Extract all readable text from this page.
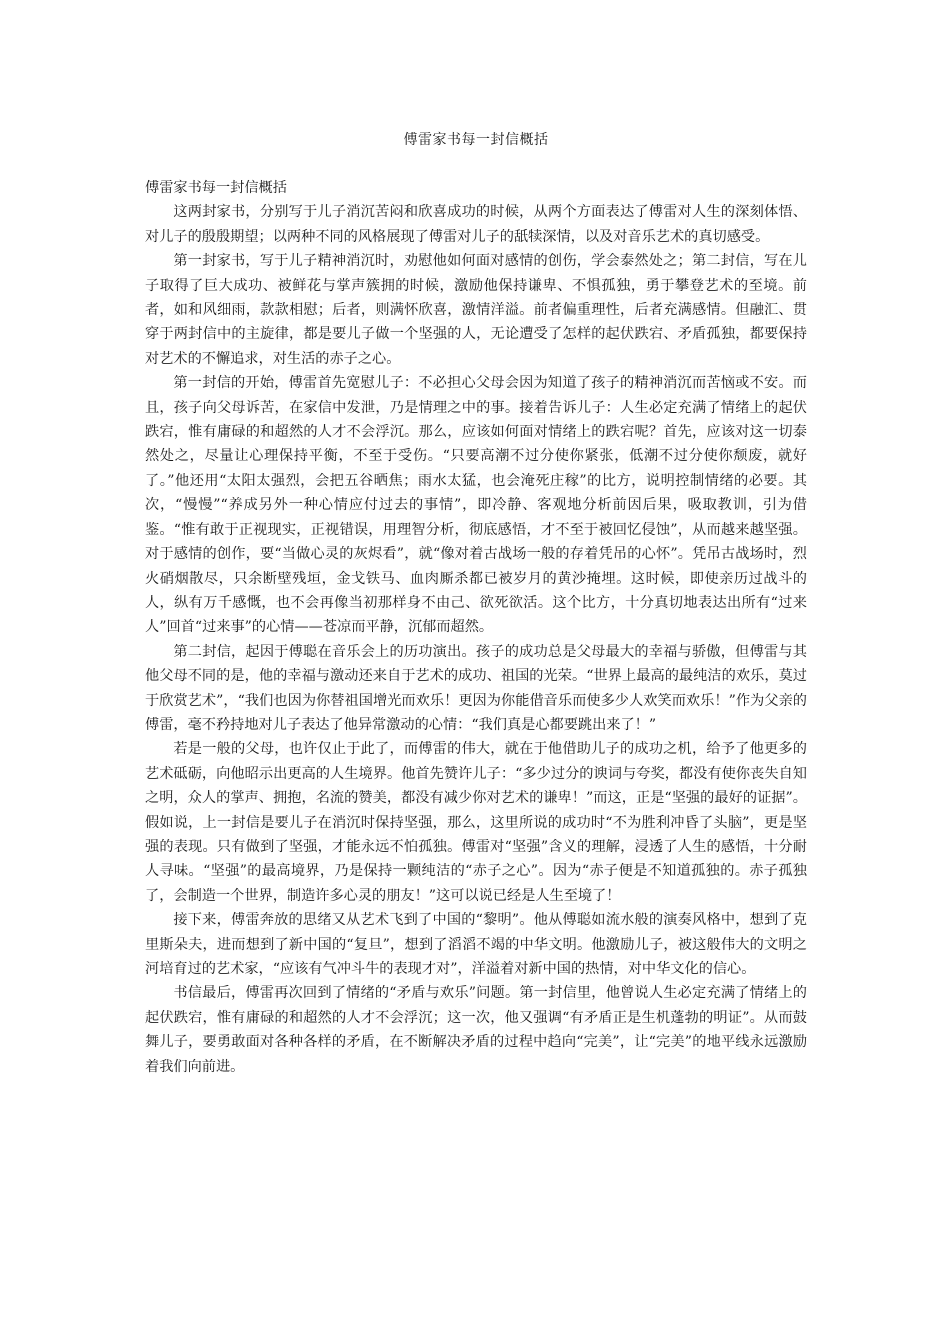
傅雷家书每一封信概括

傅雷家书每一封信概括

这两封家书，分别写于儿子消沉苦闷和欣喜成功的时候，从两个方面表达了傅雷对人生的深刻体悟、对儿子的殷殷期望；以两种不同的风格展现了傅雷对儿子的舐犊深情，以及对音乐艺术的真切感受。

第一封家书，写于儿子精神消沉时，劝慰他如何面对感情的创伤，学会泰然处之；第二封信，写在儿子取得了巨大成功、被鲜花与掌声簇拥的时候，激励他保持谦卑、不惧孤独，勇于攀登艺术的至境。前者，如和风细雨，款款相慰；后者，则满怀欣喜，激情洋溢。前者偏重理性，后者充满感情。但融汇、贯穿于两封信中的主旋律，都是要儿子做一个坚强的人，无论遭受了怎样的起伏跌宕、矛盾孤独，都要保持对艺术的不懈追求，对生活的赤子之心。

第一封信的开始，傅雷首先宽慰儿子：不必担心父母会因为知道了孩子的精神消沉而苦恼或不安。而且，孩子向父母诉苦，在家信中发泄，乃是情理之中的事。接着告诉儿子：人生必定充满了情绪上的起伏跌宕，惟有庸碌的和超然的人才不会浮沉。那么，应该如何面对情绪上的跌宕呢？首先，应该对这一切泰然处之，尽量让心理保持平衡，不至于受伤。“只要高潮不过分使你紧张，低潮不过分使你颓废，就好了。”他还用“太阳太强烈，会把五谷晒焦；雨水太猛，也会淹死庄稼”的比方，说明控制情绪的必要。其次，“慢慢”“养成另外一种心情应付过去的事情”，即冷静、客观地分析前因后果，吸取教训，引为借鉴。“惟有敢于正视现实，正视错误，用理智分析，彻底感悟，才不至于被回忆侵蚀”，从而越来越坚强。对于感情的创作，要“当做心灵的灰烬看”，就“像对着古战场一般的存着凭吊的心怀”。凭吊古战场时，烈火硝烟散尽，只余断壁残垣，金戈铁马、血肉厮杀都已被岁月的黄沙掩埋。这时候，即使亲历过战斗的人，纵有万千感慨，也不会再像当初那样身不由己、欲死欲活。这个比方，十分真切地表达出所有“过来人”回首“过来事”的心情——苍凉而平静，沉郁而超然。

第二封信，起因于傅聪在音乐会上的历功演出。孩子的成功总是父母最大的幸福与骄傲，但傅雷与其他父母不同的是，他的幸福与激动还来自于艺术的成功、祖国的光荣。“世界上最高的最纯洁的欢乐，莫过于欣赏艺术”，“我们也因为你替祖国增光而欢乐！更因为你能借音乐而使多少人欢笑而欢乐！”作为父亲的傅雷，毫不矜持地对儿子表达了他异常激动的心情：“我们真是心都要跳出来了！”

若是一般的父母，也许仅止于此了，而傅雷的伟大，就在于他借助儿子的成功之机，给予了他更多的艺术砥砺，向他昭示出更高的人生境界。他首先赞许儿子：“多少过分的谀词与夸奖，都没有使你丧失自知之明，众人的掌声、拥抱，名流的赞美，都没有减少你对艺术的谦卑！”而这，正是“坚强的最好的证据”。假如说，上一封信是要儿子在消沉时保持坚强，那么，这里所说的成功时“不为胜利冲昏了头脑”，更是坚强的表现。只有做到了坚强，才能永远不怕孤独。傅雷对“坚强”含义的理解，浸透了人生的感悟，十分耐人寻味。“坚强”的最高境界，乃是保持一颗纯洁的“赤子之心”。因为“赤子便是不知道孤独的。赤子孤独了，会制造一个世界，制造许多心灵的朋友！”这可以说已经是人生至境了！

接下来，傅雷奔放的思绪又从艺术飞到了中国的“黎明”。他从傅聪如流水般的演奏风格中，想到了克里斯朵夫，进而想到了新中国的“复旦”，想到了滔滔不竭的中华文明。他激励儿子，被这般伟大的文明之河培育过的艺术家，“应该有气冲斗牛的表现才对”，洋溢着对新中国的热情，对中华文化的信心。

书信最后，傅雷再次回到了情绪的“矛盾与欢乐”问题。第一封信里，他曾说人生必定充满了情绪上的起伏跌宕，惟有庸碌的和超然的人才不会浮沉；这一次，他又强调“有矛盾正是生机蓬勃的明证”。从而鼓舞儿子，要勇敢面对各种各样的矛盾，在不断解决矛盾的过程中趋向“完美”，让“完美”的地平线永远激励着我们向前进。
